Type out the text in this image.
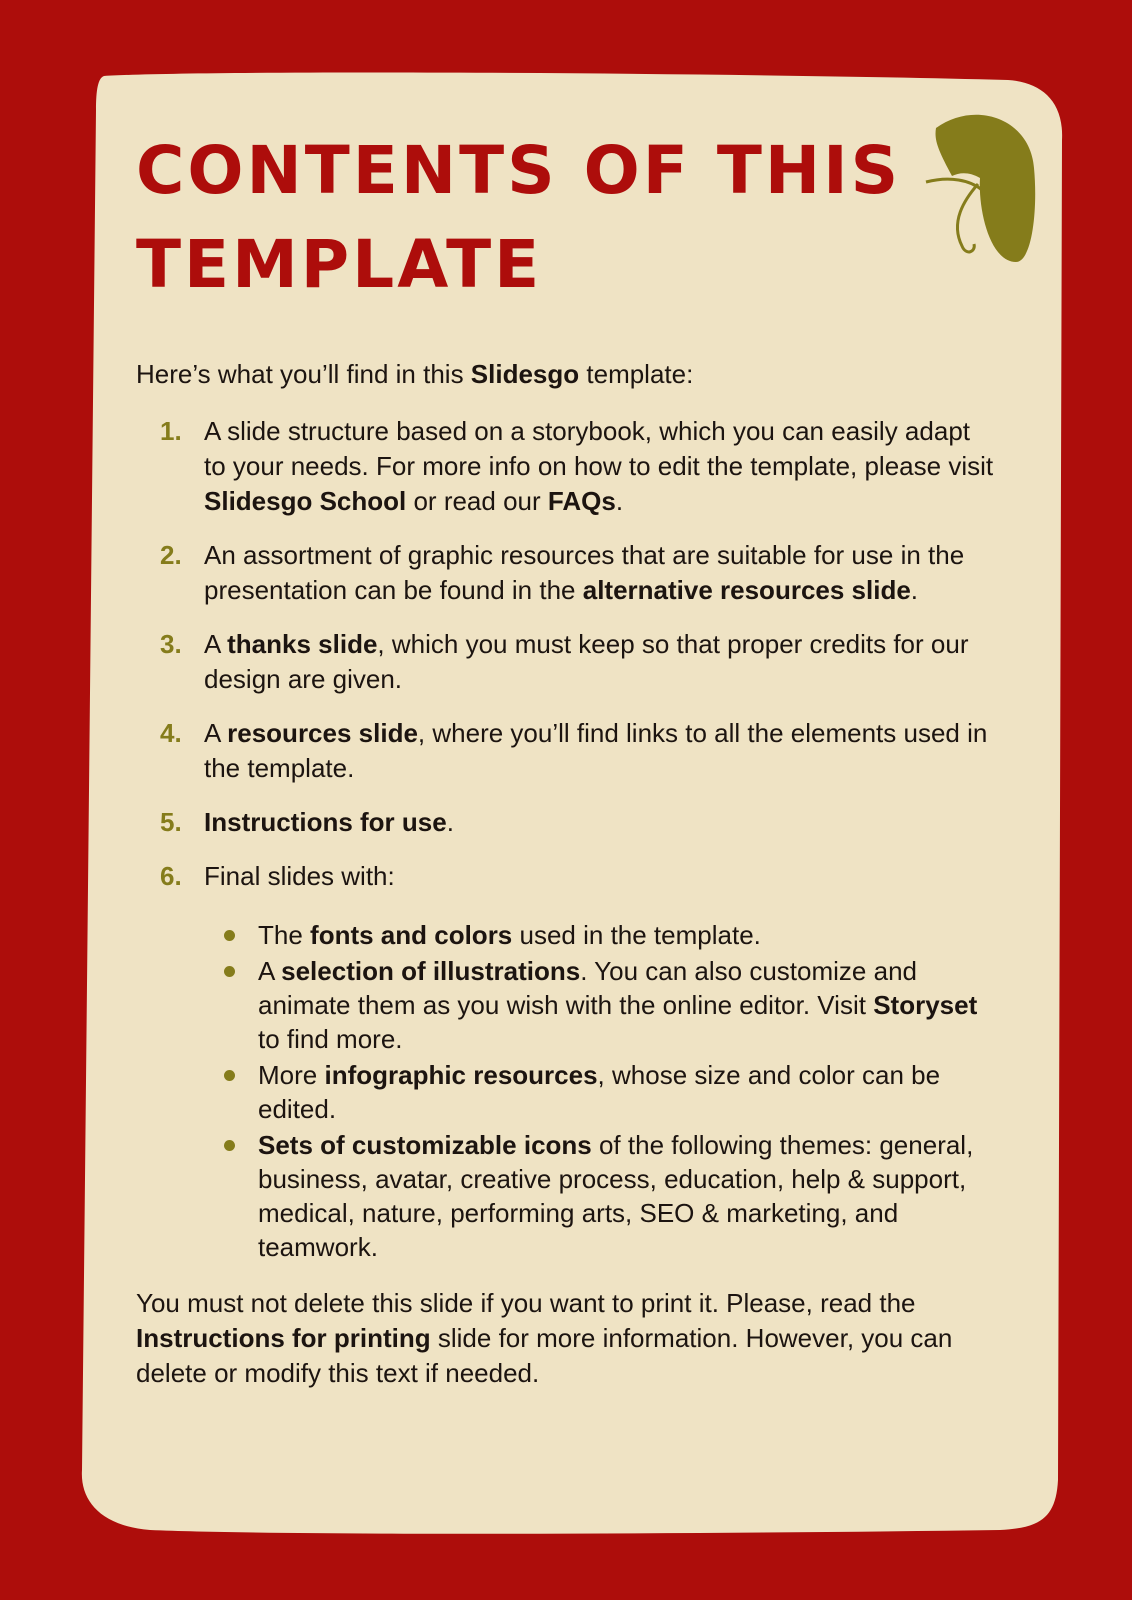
CONTENTS OF THIS
TEMPLATE

Here’s what you’ll find in this Slidesgo template:

1. A slide structure based on a storybook, which you can easily adapt to your needs. For more info on how to edit the template, please visit Slidesgo School or read our FAQs.
2. An assortment of graphic resources that are suitable for use in the presentation can be found in the alternative resources slide.
3. A thanks slide, which you must keep so that proper credits for our design are given.
4. A resources slide, where you’ll find links to all the elements used in the template.
5. Instructions for use.
6. Final slides with:
The fonts and colors used in the template.
A selection of illustrations. You can also customize and animate them as you wish with the online editor. Visit Storyset to find more.
More infographic resources, whose size and color can be edited.
Sets of customizable icons of the following themes: general, business, avatar, creative process, education, help & support, medical, nature, performing arts, SEO & marketing, and teamwork.

You must not delete this slide if you want to print it. Please, read the Instructions for printing slide for more information. However, you can delete or modify this text if needed.
